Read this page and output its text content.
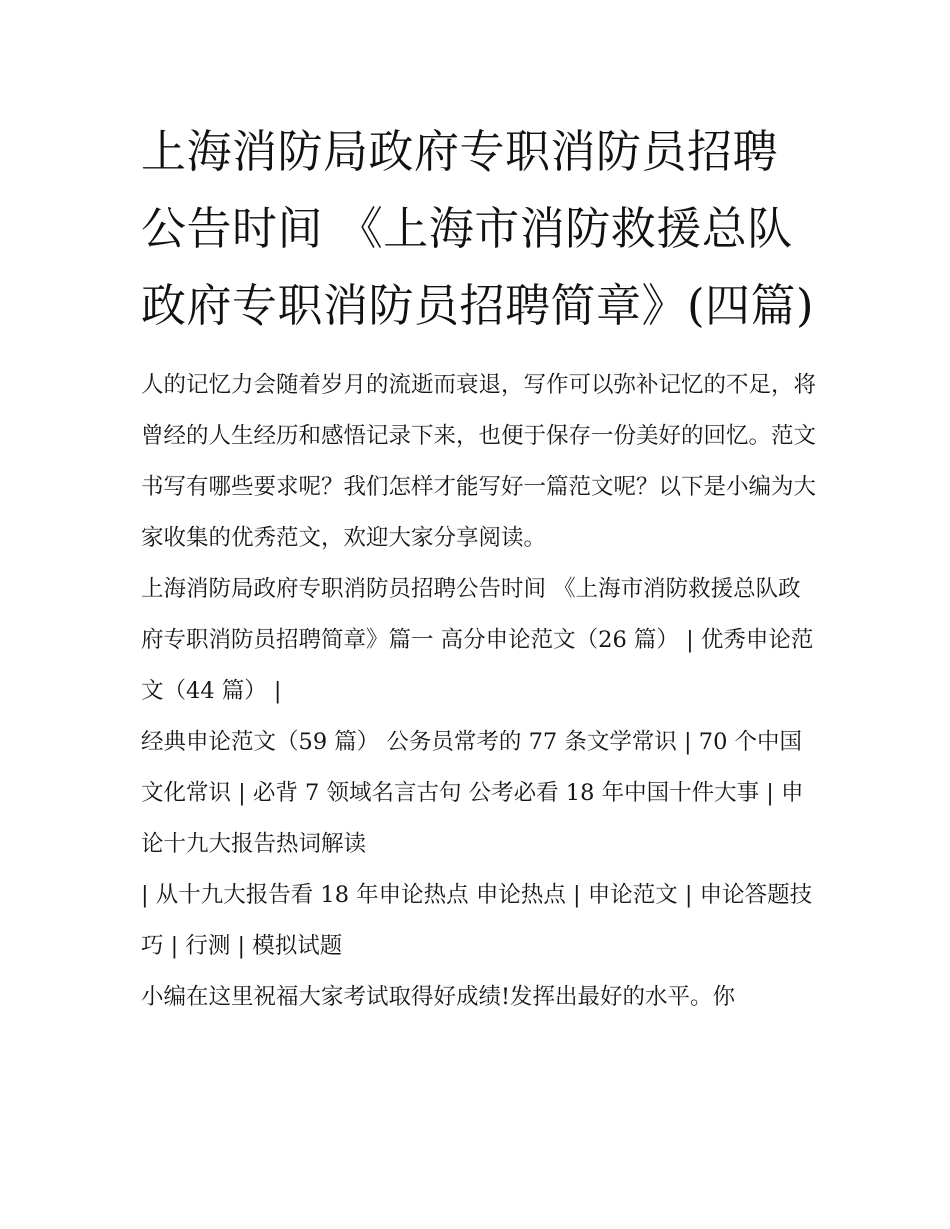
上海消防局政府专职消防员招聘公告时间 《上海市消防救援总队政府专职消防员招聘简章》(四篇)

人的记忆力会随着岁月的流逝而衰退，写作可以弥补记忆的不足，将曾经的人生经历和感悟记录下来，也便于保存一份美好的回忆。范文书写有哪些要求呢？我们怎样才能写好一篇范文呢？以下是小编为大家收集的优秀范文，欢迎大家分享阅读。

上海消防局政府专职消防员招聘公告时间 《上海市消防救援总队政府专职消防员招聘简章》篇一 高分申论范文（26 篇） | 优秀申论范文（44 篇） |

经典申论范文（59 篇） 公务员常考的 77 条文学常识 | 70 个中国文化常识 | 必背 7 领域名言古句 公考必看 18 年中国十件大事 | 申论十九大报告热词解读

| 从十九大报告看 18 年申论热点 申论热点 | 申论范文 | 申论答题技巧 | 行测 | 模拟试题

小编在这里祝福大家考试取得好成绩!发挥出最好的水平。你
